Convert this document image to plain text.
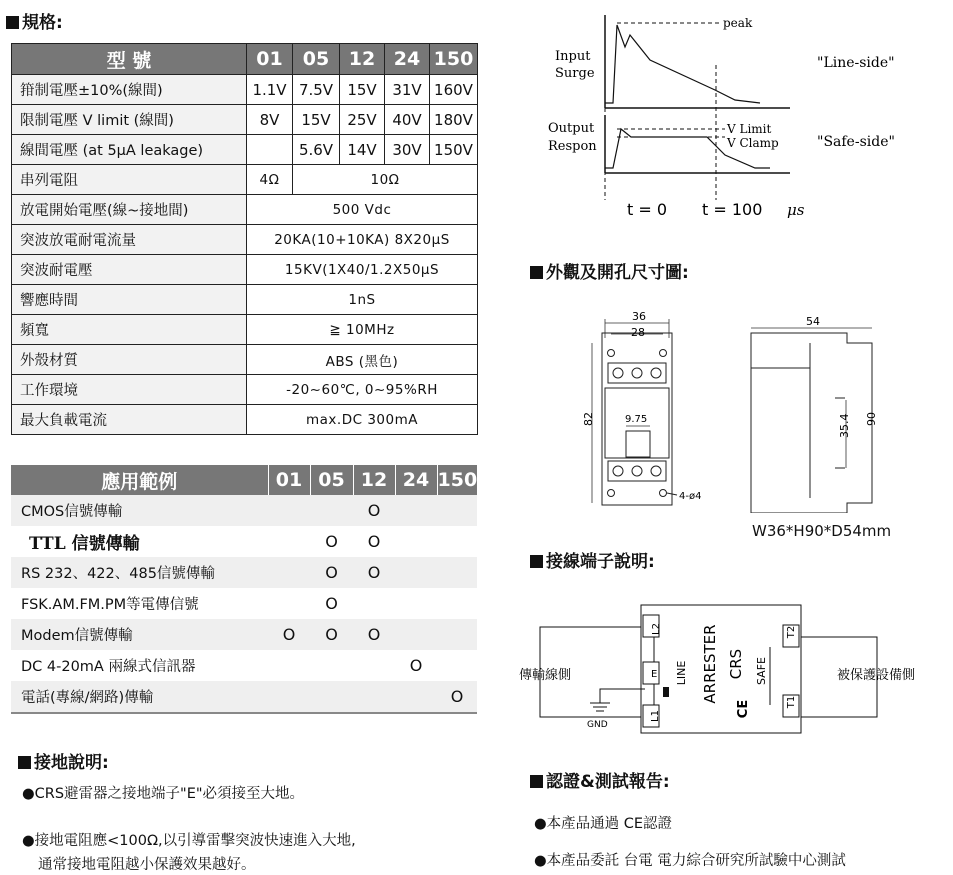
規格:
型 號	01	05	12	24	150
箝制電壓±10%(線間)	1.1V	7.5V	15V	31V	160V
限制電壓 V limit (線間)	8V	15V	25V	40V	180V
線間電壓 (at 5μA leakage)		5.6V	14V	30V	150V
串列電阻	4Ω	10Ω			
放電開始電壓(線~接地間)	500 Vdc				
突波放電耐電流量	20KA(10+10KA) 8X20μS				
突波耐電壓	15KV(1X40/1.2X50μS				
響應時間	1nS				
頻寬	≧ 10MHz				
外殼材質	ABS (黑色)				
工作環境	-20~60℃, 0~95%RH				
最大負載電流	max.DC 300mA				
應用範例	01	05	12	24	150
CMOS信號傳輸			O		
TTL 信號傳輸		O	O		
RS 232、422、485信號傳輸		O	O		
FSK.AM.FM.PM等電傳信號		O			
Modem信號傳輸	O	O	O		
DC 4-20mA 兩線式信訊器				O	
電話(專線/網路)傳輸					O
接地說明:
●CRS避雷器之接地端子"E"必須接至大地。
●接地電阻應<100Ω,以引導雷擊突波快速進入大地,
通常接地電阻越小保護效果越好。
peak
Input
Surge
Output
Respon
V Limit
V Clamp
"Line-side"
"Safe-side"
t = 0 t = 100 μs
外觀及開孔尺寸圖:
36
28
82	9.75
4-ø4
54
35.4 90
W36*H90*D54mm
接線端子說明:
L2
E
L1
LINE ARRESTER CRS
CE
SAFE
T2
T1
GND
傳輸線側	被保護設備側
認證&測試報告:
●本產品通過 CE認證
●本產品委託 台電 電力綜合研究所試驗中心測試
